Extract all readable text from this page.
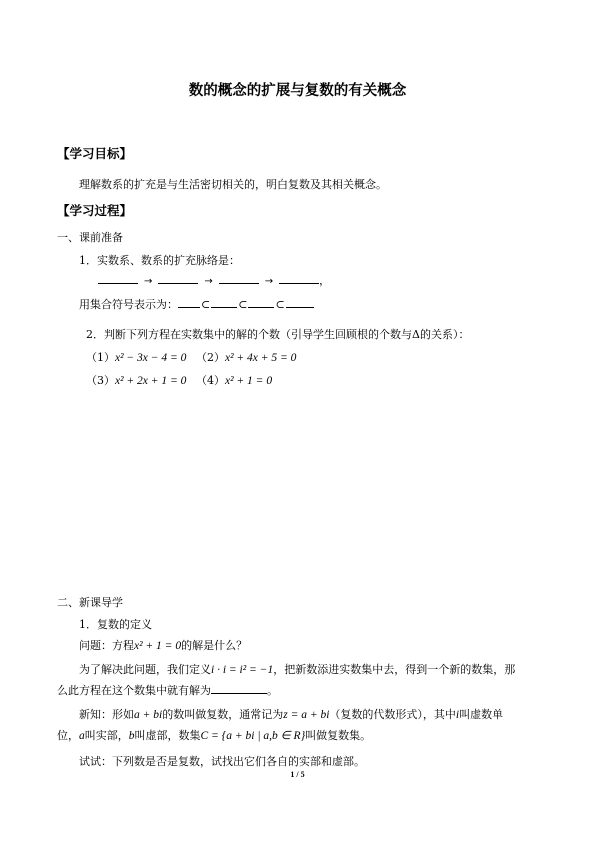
数的概念的扩展与复数的有关概念
【学习目标】
理解数系的扩充是与生活密切相关的，明白复数及其相关概念。
【学习过程】
一、课前准备
1．实数系、数系的扩充脉络是：
→	→	→	，
用集合符号表示为： ⊂	⊂	⊂
2．判断下列方程在实数集中的解的个数（引导学生回顾根的个数与Δ的关系）：
（1）x² − 3x − 4 = 0 （2）x² + 4x + 5 = 0
（3）x² + 2x + 1 = 0 （4）x² + 1 = 0
二、新课导学
1．复数的定义
问题：方程x² + 1 = 0的解是什么？
为了解决此问题，我们定义i · i = i² = −1，把新数添进实数集中去，得到一个新的数集，那
么此方程在这个数集中就有解为	。
新知：形如a + bi的数叫做复数，通常记为z = a + bi（复数的代数形式），其中i叫虚数单
位，a叫实部，b叫虚部，数集C = {a + bi | a,b ∈ R}叫做复数集。
试试：下列数是否是复数，试找出它们各自的实部和虚部。
1 / 5
